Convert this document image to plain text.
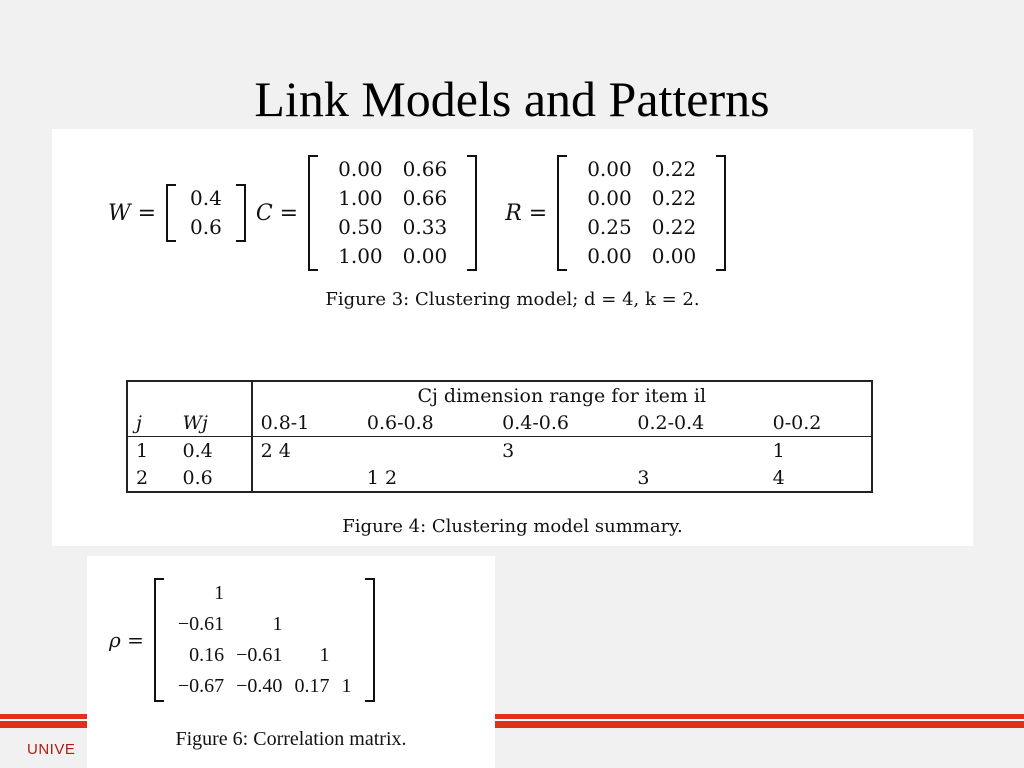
Link Models and Patterns
W =
0.4
0.6
C =
0.00	0.66
1.00	0.66
0.50	0.33
1.00	0.00
R =
0.00	0.22
0.00	0.22
0.25	0.22
0.00	0.00
Figure 3: Clustering model; d = 4, k = 2.
		Cj dimension range for item il				
j	Wj	0.8-1	0.6-0.8	0.4-0.6	0.2-0.4	0-0.2
1	0.4	2 4		3		1
2	0.6		1 2		3	4
Figure 4: Clustering model summary.
UNIVE
ρ =
1			
−0.61	1		
0.16	−0.61	1	
−0.67	−0.40	0.17	1
Figure 6: Correlation matrix.
